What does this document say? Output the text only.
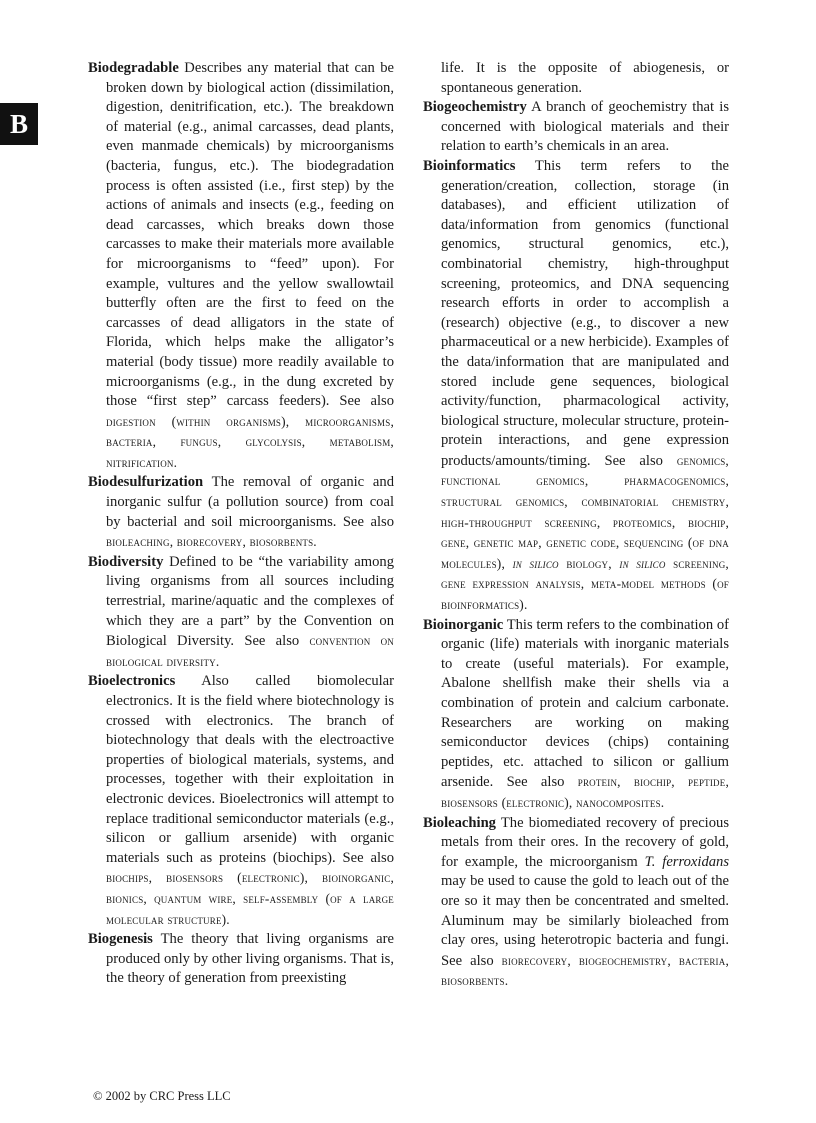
B

Biodegradable Describes any material that can be broken down by biological action (dissimilation, digestion, denitrification, etc.). The breakdown of material (e.g., animal carcasses, dead plants, even manmade chemicals) by microorganisms (bacteria, fungus, etc.). The biodegradation process is often assisted (i.e., first step) by the actions of animals and insects (e.g., feeding on dead carcasses, which breaks down those carcasses to make their materials more available for microorganisms to “feed” upon). For example, vultures and the yellow swallowtail butterfly often are the first to feed on the carcasses of dead alligators in the state of Florida, which helps make the alligator’s material (body tissue) more readily available to microorganisms (e.g., in the dung excreted by those “first step” carcass feeders). See also digestion (within organisms), microorganisms, bacteria, fungus, glycolysis, metabolism, nitrification.

Biodesulfurization The removal of organic and inorganic sulfur (a pollution source) from coal by bacterial and soil microorganisms. See also bioleaching, biorecovery, biosorbents.

Biodiversity Defined to be “the variability among living organisms from all sources including terrestrial, marine/aquatic and the complexes of which they are a part” by the Convention on Biological Diversity. See also convention on biological diversity.

Bioelectronics Also called biomolecular electronics. It is the field where biotechnology is crossed with electronics. The branch of biotechnology that deals with the electroactive properties of biological materials, systems, and processes, together with their exploitation in electronic devices. Bioelectronics will attempt to replace traditional semiconductor materials (e.g., silicon or gallium arsenide) with organic materials such as proteins (biochips). See also biochips, biosensors (electronic), bioinorganic, bionics, quantum wire, self-assembly (of a large molecular structure).

Biogenesis The theory that living organisms are produced only by other living organisms. That is, the theory of generation from preexisting

life. It is the opposite of abiogenesis, or spontaneous generation.

Biogeochemistry A branch of geochemistry that is concerned with biological materials and their relation to earth’s chemicals in an area.

Bioinformatics This term refers to the generation/creation, collection, storage (in databases), and efficient utilization of data/information from genomics (functional genomics, structural genomics, etc.), combinatorial chemistry, high-throughput screening, proteomics, and DNA sequencing research efforts in order to accomplish a (research) objective (e.g., to discover a new pharmaceutical or a new herbicide). Examples of the data/information that are manipulated and stored include gene sequences, biological activity/function, pharmacological activity, biological structure, molecular structure, protein-protein interactions, and gene expression products/amounts/timing. See also genomics, functional genomics, pharmacogenomics, structural genomics, combinatorial chemistry, high-throughput screening, proteomics, biochip, gene, genetic map, genetic code, sequencing (of dna molecules), in silico biology, in silico screening, gene expression analysis, meta-model methods (of bioinformatics).

Bioinorganic This term refers to the combination of organic (life) materials with inorganic materials to create (useful materials). For example, Abalone shellfish make their shells via a combination of protein and calcium carbonate. Researchers are working on making semiconductor devices (chips) containing peptides, etc. attached to silicon or gallium arsenide. See also protein, biochip, peptide, biosensors (electronic), nanocomposites.

Bioleaching The biomediated recovery of precious metals from their ores. In the recovery of gold, for example, the microorganism T. ferroxidans may be used to cause the gold to leach out of the ore so it may then be concentrated and smelted. Aluminum may be similarly bioleached from clay ores, using heterotropic bacteria and fungi. See also biorecovery, biogeochemistry, bacteria, biosorbents.

© 2002 by CRC Press LLC
